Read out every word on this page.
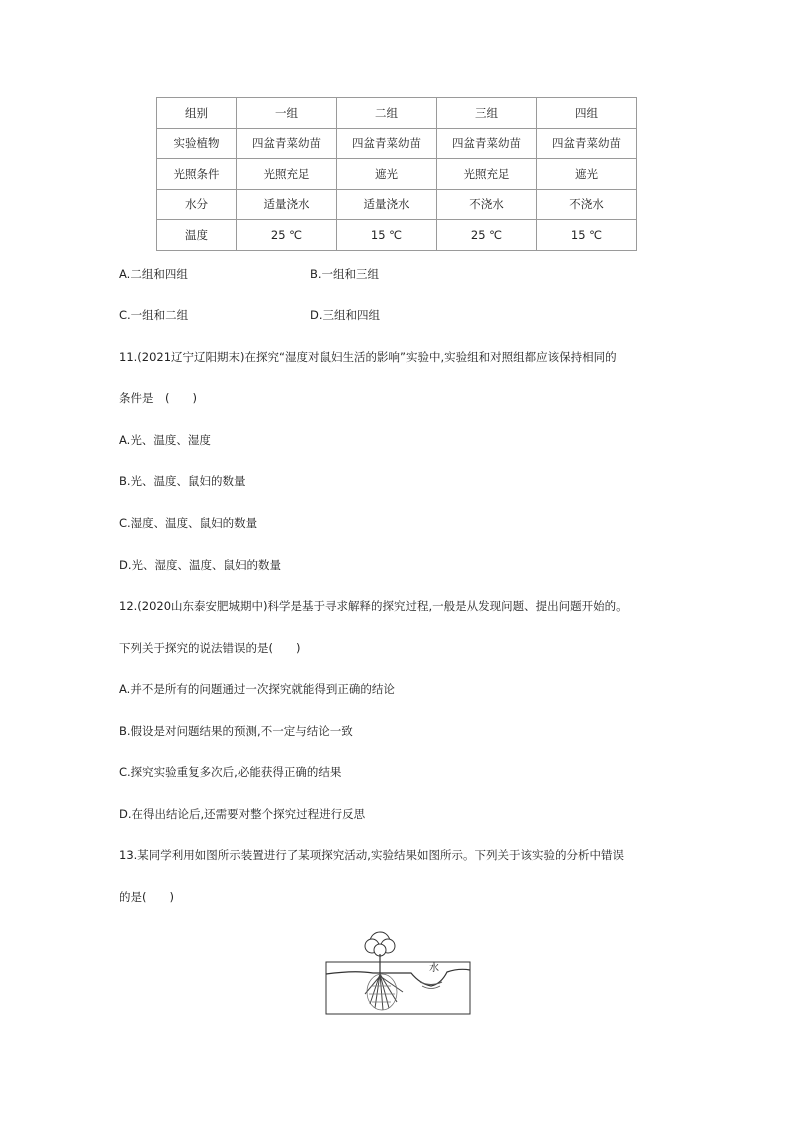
组别	一组	二组	三组	四组
实验植物	四盆青菜幼苗	四盆青菜幼苗	四盆青菜幼苗	四盆青菜幼苗
光照条件	光照充足	遮光	光照充足	遮光
水分	适量浇水	适量浇水	不浇水	不浇水
温度	25 ℃	15 ℃	25 ℃	15 ℃
A.二组和四组	B.一组和三组
C.一组和二组	D.三组和四组
11.(2021辽宁辽阳期末)在探究“湿度对鼠妇生活的影响”实验中,实验组和对照组都应该保持相同的
条件是　(　　)
A.光、温度、湿度
B.光、温度、鼠妇的数量
C.湿度、温度、鼠妇的数量
D.光、湿度、温度、鼠妇的数量
12.(2020山东泰安肥城期中)科学是基于寻求解释的探究过程,一般是从发现问题、提出问题开始的。
下列关于探究的说法错误的是(　　)
A.并不是所有的问题通过一次探究就能得到正确的结论
B.假设是对问题结果的预测,不一定与结论一致
C.探究实验重复多次后,必能获得正确的结果
D.在得出结论后,还需要对整个探究过程进行反思
13.某同学利用如图所示装置进行了某项探究活动,实验结果如图所示。下列关于该实验的分析中错误
的是(　　)
水
